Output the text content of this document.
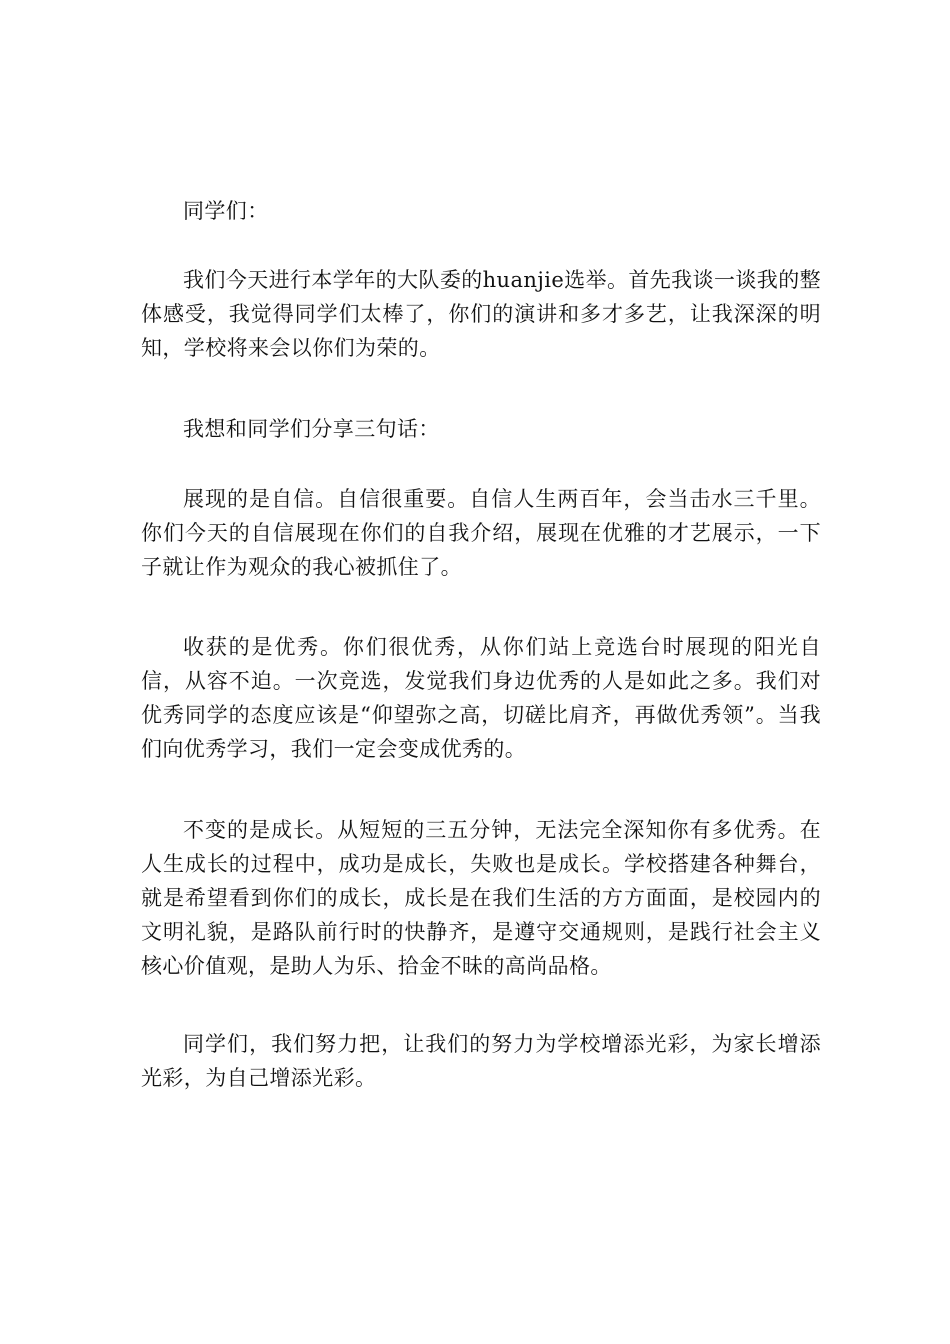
同学们：

我们今天进行本学年的大队委的huanjie选举。首先我谈一谈我的整体感受，我觉得同学们太棒了，你们的演讲和多才多艺，让我深深的明知，学校将来会以你们为荣的。

我想和同学们分享三句话：

展现的是自信。自信很重要。自信人生两百年，会当击水三千里。你们今天的自信展现在你们的自我介绍，展现在优雅的才艺展示，一下子就让作为观众的我心被抓住了。

收获的是优秀。你们很优秀，从你们站上竞选台时展现的阳光自信，从容不迫。一次竞选，发觉我们身边优秀的人是如此之多。我们对优秀同学的态度应该是“仰望弥之高，切磋比肩齐，再做优秀领”。当我们向优秀学习，我们一定会变成优秀的。

不变的是成长。从短短的三五分钟，无法完全深知你有多优秀。在人生成长的过程中，成功是成长，失败也是成长。学校搭建各种舞台，就是希望看到你们的成长，成长是在我们生活的方方面面，是校园内的文明礼貌，是路队前行时的快静齐，是遵守交通规则，是践行社会主义核心价值观，是助人为乐、拾金不昧的高尚品格。

同学们，我们努力把，让我们的努力为学校增添光彩，为家长增添光彩，为自己增添光彩。
